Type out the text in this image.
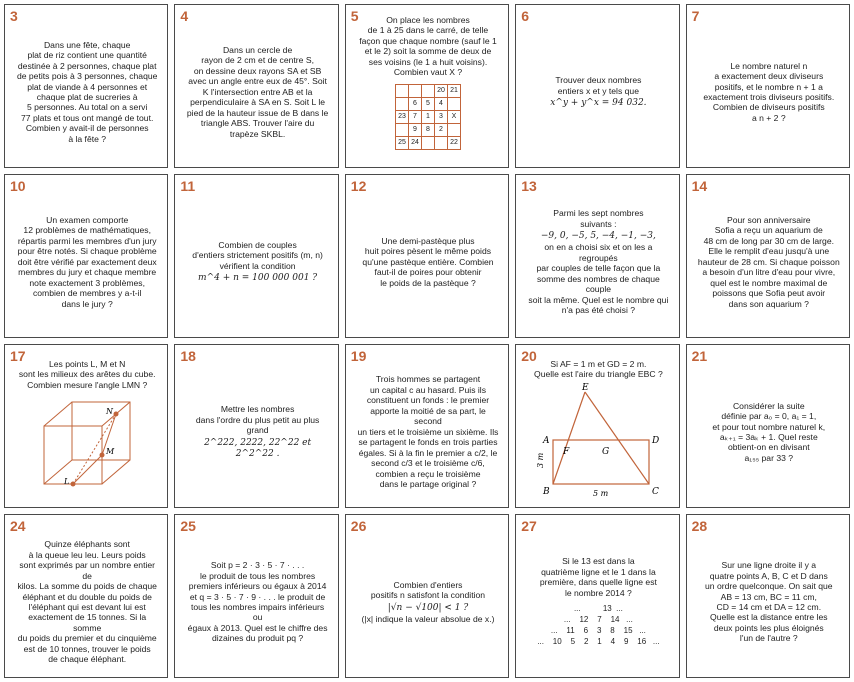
3

Dans une fête, chaque

plat de riz contient une quantité

destinée à 2 personnes, chaque plat

de petits pois à 3 personnes, chaque

plat de viande à 4 personnes et

chaque plat de sucreries à

5 personnes. Au total on a servi

77 plats et tous ont mangé de tout.

Combien y avait-il de personnes

à la fête ?

4

Dans un cercle de

rayon de 2 cm et de centre S,

on dessine deux rayons SA et SB

avec un angle entre eux de 45°. Soit

K l'intersection entre AB et la

perpendiculaire à SA en S. Soit L le

pied de la hauteur issue de B dans le

triangle ABS. Trouver l'aire du

trapèze SKBL.

5	On place les nombres

de 1 à 25 dans le carré, de telle

façon que chaque nombre (sauf le 1

et le 2) soit la somme de deux de

ses voisins (le 1 a huit voisins).

Combien vaut X ?

			20	21
	6	5	4	
23	7	1	3	X
	9	8	2	
25	24			22
6

Trouver deux nombres

entiers x et y tels que

x^y + y^x = 94 032.

7

Le nombre naturel n

a exactement deux diviseurs

positifs, et le nombre n + 1 a

exactement trois diviseurs positifs.

Combien de diviseurs positifs

a n + 2 ?

10

Un examen comporte

12 problèmes de mathématiques,

répartis parmi les membres d'un jury

pour être notés. Si chaque problème

doit être vérifié par exactement deux

membres du jury et chaque membre

note exactement 3 problèmes,

combien de membres y a-t-il

dans le jury ?

11

Combien de couples

d'entiers strictement positifs (m, n)

vérifient la condition

m^4 + n = 100 000 001 ?

12

Une demi-pastèque plus

huit poires pèsent le même poids

qu'une pastèque entière. Combien

faut-il de poires pour obtenir

le poids de la pastèque ?

13

Parmi les sept nombres

suivants :

−9, 0, −5, 5, −4, −1, −3,

on en a choisi six et on les a regroupés

par couples de telle façon que la

somme des nombres de chaque couple

soit la même. Quel est le nombre qui

n'a pas été choisi ?

14

Pour son anniversaire

Sofia a reçu un aquarium de

48 cm de long par 30 cm de large.

Elle le remplit d'eau jusqu'à une

hauteur de 28 cm. Si chaque poisson

a besoin d'un litre d'eau pour vivre,

quel est le nombre maximal de

poissons que Sofia peut avoir

dans son aquarium ?

17	Les points L, M et N

sont les milieux des arêtes du cube.

Combien mesure l'angle LMN ?

N
M
L
18

Mettre les nombres

dans l'ordre du plus petit au plus grand

2^222, 2222, 22^22 et 2^2^22 .

19

Trois hommes se partagent

un capital c au hasard. Puis ils

constituent un fonds : le premier

apporte la moitié de sa part, le second

un tiers et le troisième un sixième. Ils

se partagent le fonds en trois parties

égales. Si à la fin le premier a c/2, le

second c/3 et le troisième c/6,

combien a reçu le troisième

dans le partage original ?

20 Si AF = 1 m et GD = 2 m.

Quelle est l'aire du triangle EBC ?

E
A	D
F	G
B	C
3 m
5 m
21

Considérer la suite

définie par a₀ = 0, a₁ = 1,

et pour tout nombre naturel k,

aₖ₊₁ = 3aₖ + 1. Quel reste

obtient-on en divisant

a₁₅₅ par 33 ?

24

Quinze éléphants sont

à la queue leu leu. Leurs poids

sont exprimés par un nombre entier de

kilos. La somme du poids de chaque

éléphant et du double du poids de

l'éléphant qui est devant lui est

exactement de 15 tonnes. Si la somme

du poids du premier et du cinquième

est de 10 tonnes, trouver le poids

de chaque éléphant.

25

Soit p = 2 · 3 · 5 · 7 · . . .

le produit de tous les nombres

premiers inférieurs ou égaux à 2014

et q = 3 · 5 · 7 · 9 · . . . le produit de

tous les nombres impairs inférieurs ou

égaux à 2013. Quel est le chiffre des

dizaines du produit pq ?

26

Combien d'entiers

positifs n satisfont la condition

|√n − √100| < 1 ?

(|x| indique la valeur absolue de x.)

27

Si le 13 est dans la

quatrième ligne et le 1 dans la

première, dans quelle ligne est

le nombre 2014 ?

...          13  ...
...    12    7    14   ...
...    11    6    3    8    15   ...
...    10    5    2    1    4    9    16   ...
28

Sur une ligne droite il y a

quatre points A, B, C et D dans

un ordre quelconque. On sait que

AB = 13 cm, BC = 11 cm,

CD = 14 cm et DA = 12 cm.

Quelle est la distance entre les

deux points les plus éloignés

l'un de l'autre ?
